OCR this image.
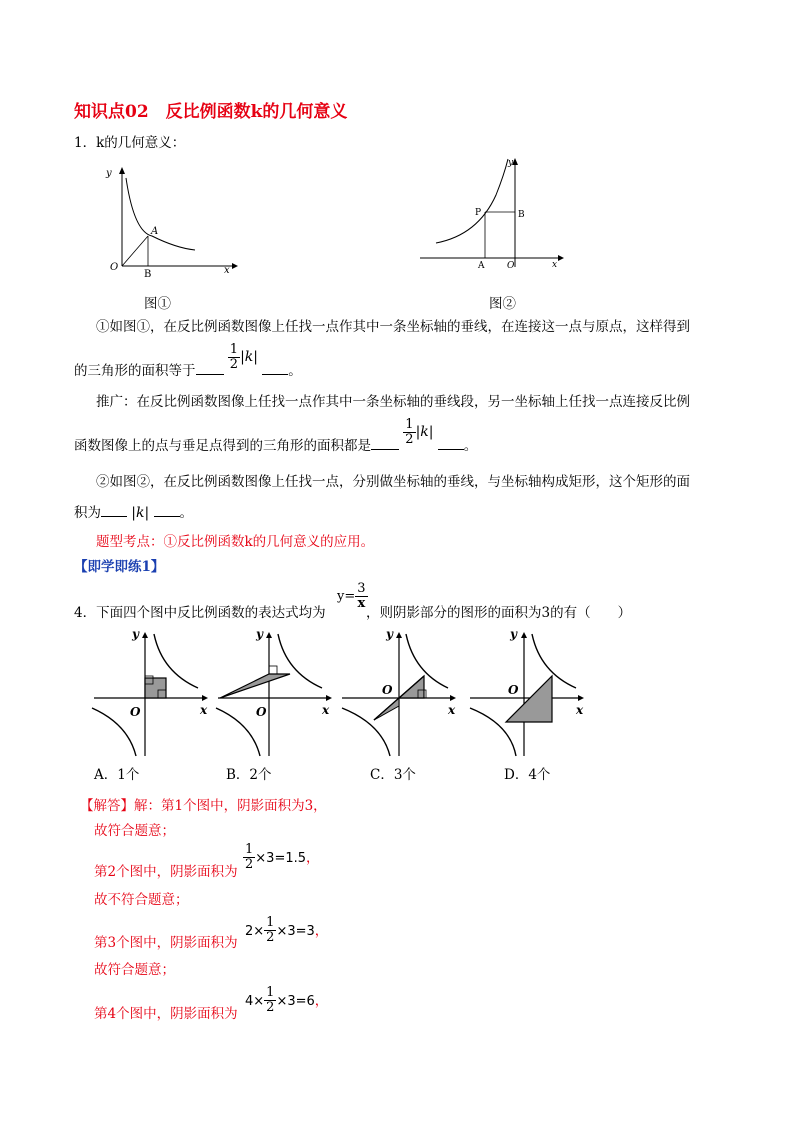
知识点02　反比例函数k的几何意义
1．k的几何意义：
y
x
O
A
B
图①
y
x
O
A
P	B
图②
①如图①，在反比例函数图像上任找一点作其中一条坐标轴的垂线，在连接这一点与原点，这样得到
的三角形的面积等于 $\frac{1}{2} |k|$ 。
推广：在反比例函数图像上任找一点作其中一条坐标轴的垂线段，另一坐标轴上任找一点连接反比例
函数图像上的点与垂足点得到的三角形的面积都是 $\frac{1}{2} |k|$ 。
②如图②，在反比例函数图像上任找一点，分别做坐标轴的垂线，与坐标轴构成矩形，这个矩形的面
积为 |k| 。
题型考点：①反比例函数k的几何意义的应用。
【即学即练1】
4．下面四个图中反比例函数的表达式均为
$y= \frac{3}{x}$
，则阴影部分的图形的面积为3的有（　　）
y
x
O
y
x
O
y
x
O
y
x
O
A．1个	B．2个	C．3个	D．4个
【解答】解：第1个图中，阴影面积为3，
故符合题意；
第2个图中，阴影面积为 $\frac{1}{2} \times 3=1.5$，
故不符合题意；
第3个图中，阴影面积为
$2\times \frac{1}{2} \times 3=3$，
故符合题意；
第4个图中，阴影面积为
$4\times \frac{1}{2} \times 3=6$，
